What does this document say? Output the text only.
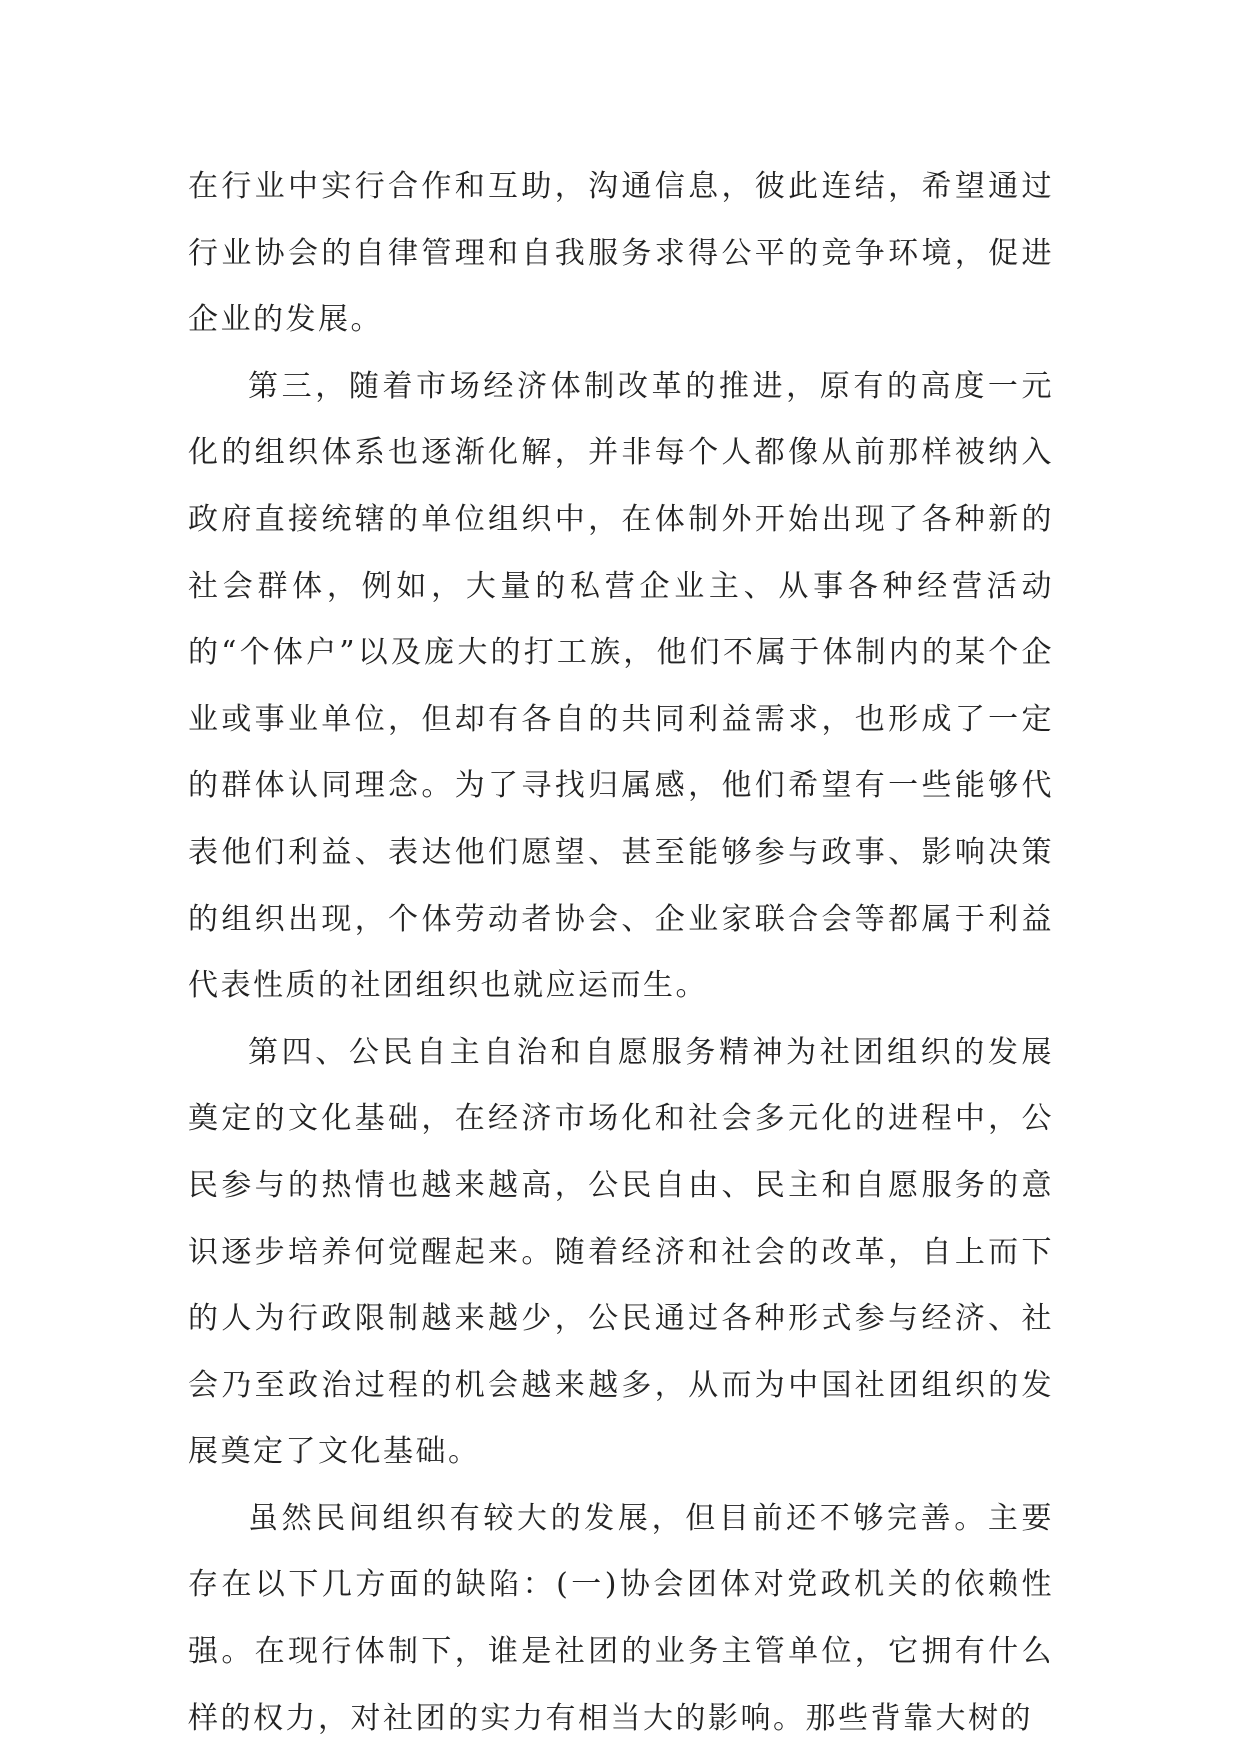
在行业中实行合作和互助，沟通信息，彼此连结，希望通过行业协会的自律管理和自我服务求得公平的竞争环境，促进企业的发展。

第三，随着市场经济体制改革的推进，原有的高度一元化的组织体系也逐渐化解，并非每个人都像从前那样被纳入政府直接统辖的单位组织中，在体制外开始出现了各种新的社会群体，例如，大量的私营企业主、从事各种经营活动的“个体户”以及庞大的打工族，他们不属于体制内的某个企业或事业单位，但却有各自的共同利益需求，也形成了一定的群体认同理念。为了寻找归属感，他们希望有一些能够代表他们利益、表达他们愿望、甚至能够参与政事、影响决策的组织出现，个体劳动者协会、企业家联合会等都属于利益代表性质的社团组织也就应运而生。

第四、公民自主自治和自愿服务精神为社团组织的发展奠定的文化基础，在经济市场化和社会多元化的进程中，公民参与的热情也越来越高，公民自由、民主和自愿服务的意识逐步培养何觉醒起来。随着经济和社会的改革，自上而下的人为行政限制越来越少，公民通过各种形式参与经济、社会乃至政治过程的机会越来越多，从而为中国社团组织的发展奠定了文化基础。

虽然民间组织有较大的发展，但目前还不够完善。主要存在以下几方面的缺陷：(一)协会团体对党政机关的依赖性强。在现行体制下，谁是社团的业务主管单位，它拥有什么样的权力，对社团的实力有相当大的影响。那些背靠大树的
